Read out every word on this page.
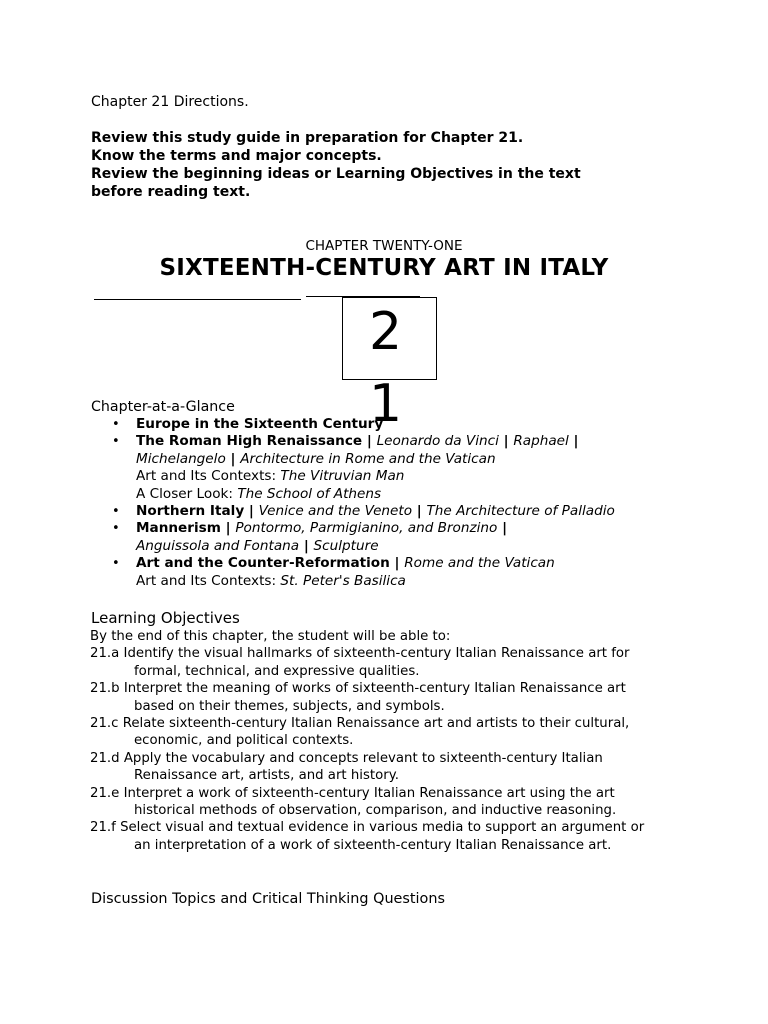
Chapter 21 Directions.
Review this study guide in preparation for Chapter 21.
Know the terms and major concepts.
Review the beginning ideas or Learning Objectives in the text
before reading text.
CHAPTER TWENTY-ONE
SIXTEENTH-CENTURY ART IN ITALY
2
1
Chapter-at-a-Glance
• Europe in the Sixteenth Century
• The Roman High Renaissance | Leonardo da Vinci | Raphael |
Michelangelo | Architecture in Rome and the Vatican
Art and Its Contexts: The Vitruvian Man
A Closer Look: The School of Athens
• Northern Italy | Venice and the Veneto | The Architecture of Palladio
• Mannerism | Pontormo, Parmigianino, and Bronzino |
Anguissola and Fontana | Sculpture
• Art and the Counter-Reformation | Rome and the Vatican
Art and Its Contexts: St. Peter's Basilica
Learning Objectives
By the end of this chapter, the student will be able to:
21.a Identify the visual hallmarks of sixteenth-century Italian Renaissance art for
formal, technical, and expressive qualities.
21.b Interpret the meaning of works of sixteenth-century Italian Renaissance art
based on their themes, subjects, and symbols.
21.c Relate sixteenth-century Italian Renaissance art and artists to their cultural,
economic, and political contexts.
21.d Apply the vocabulary and concepts relevant to sixteenth-century Italian
Renaissance art, artists, and art history.
21.e Interpret a work of sixteenth-century Italian Renaissance art using the art
historical methods of observation, comparison, and inductive reasoning.
21.f Select visual and textual evidence in various media to support an argument or
an interpretation of a work of sixteenth-century Italian Renaissance art.
Discussion Topics and Critical Thinking Questions
